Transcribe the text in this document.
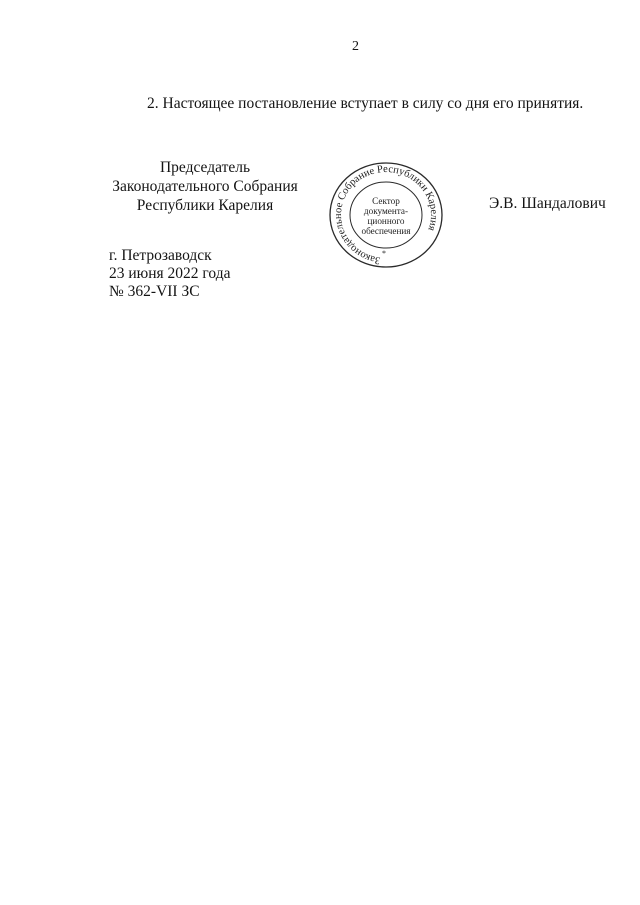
2
2. Настоящее постановление вступает в силу со дня его принятия.
Председатель
Законодательного Собрания
Республики Карелия
Законодательное Собрание Республики Карелия
Сектор
документа-
ционного
обеспечения
*
Э.В. Шандалович
г. Петрозаводск
23 июня 2022 года
№ 362-VII ЗС
